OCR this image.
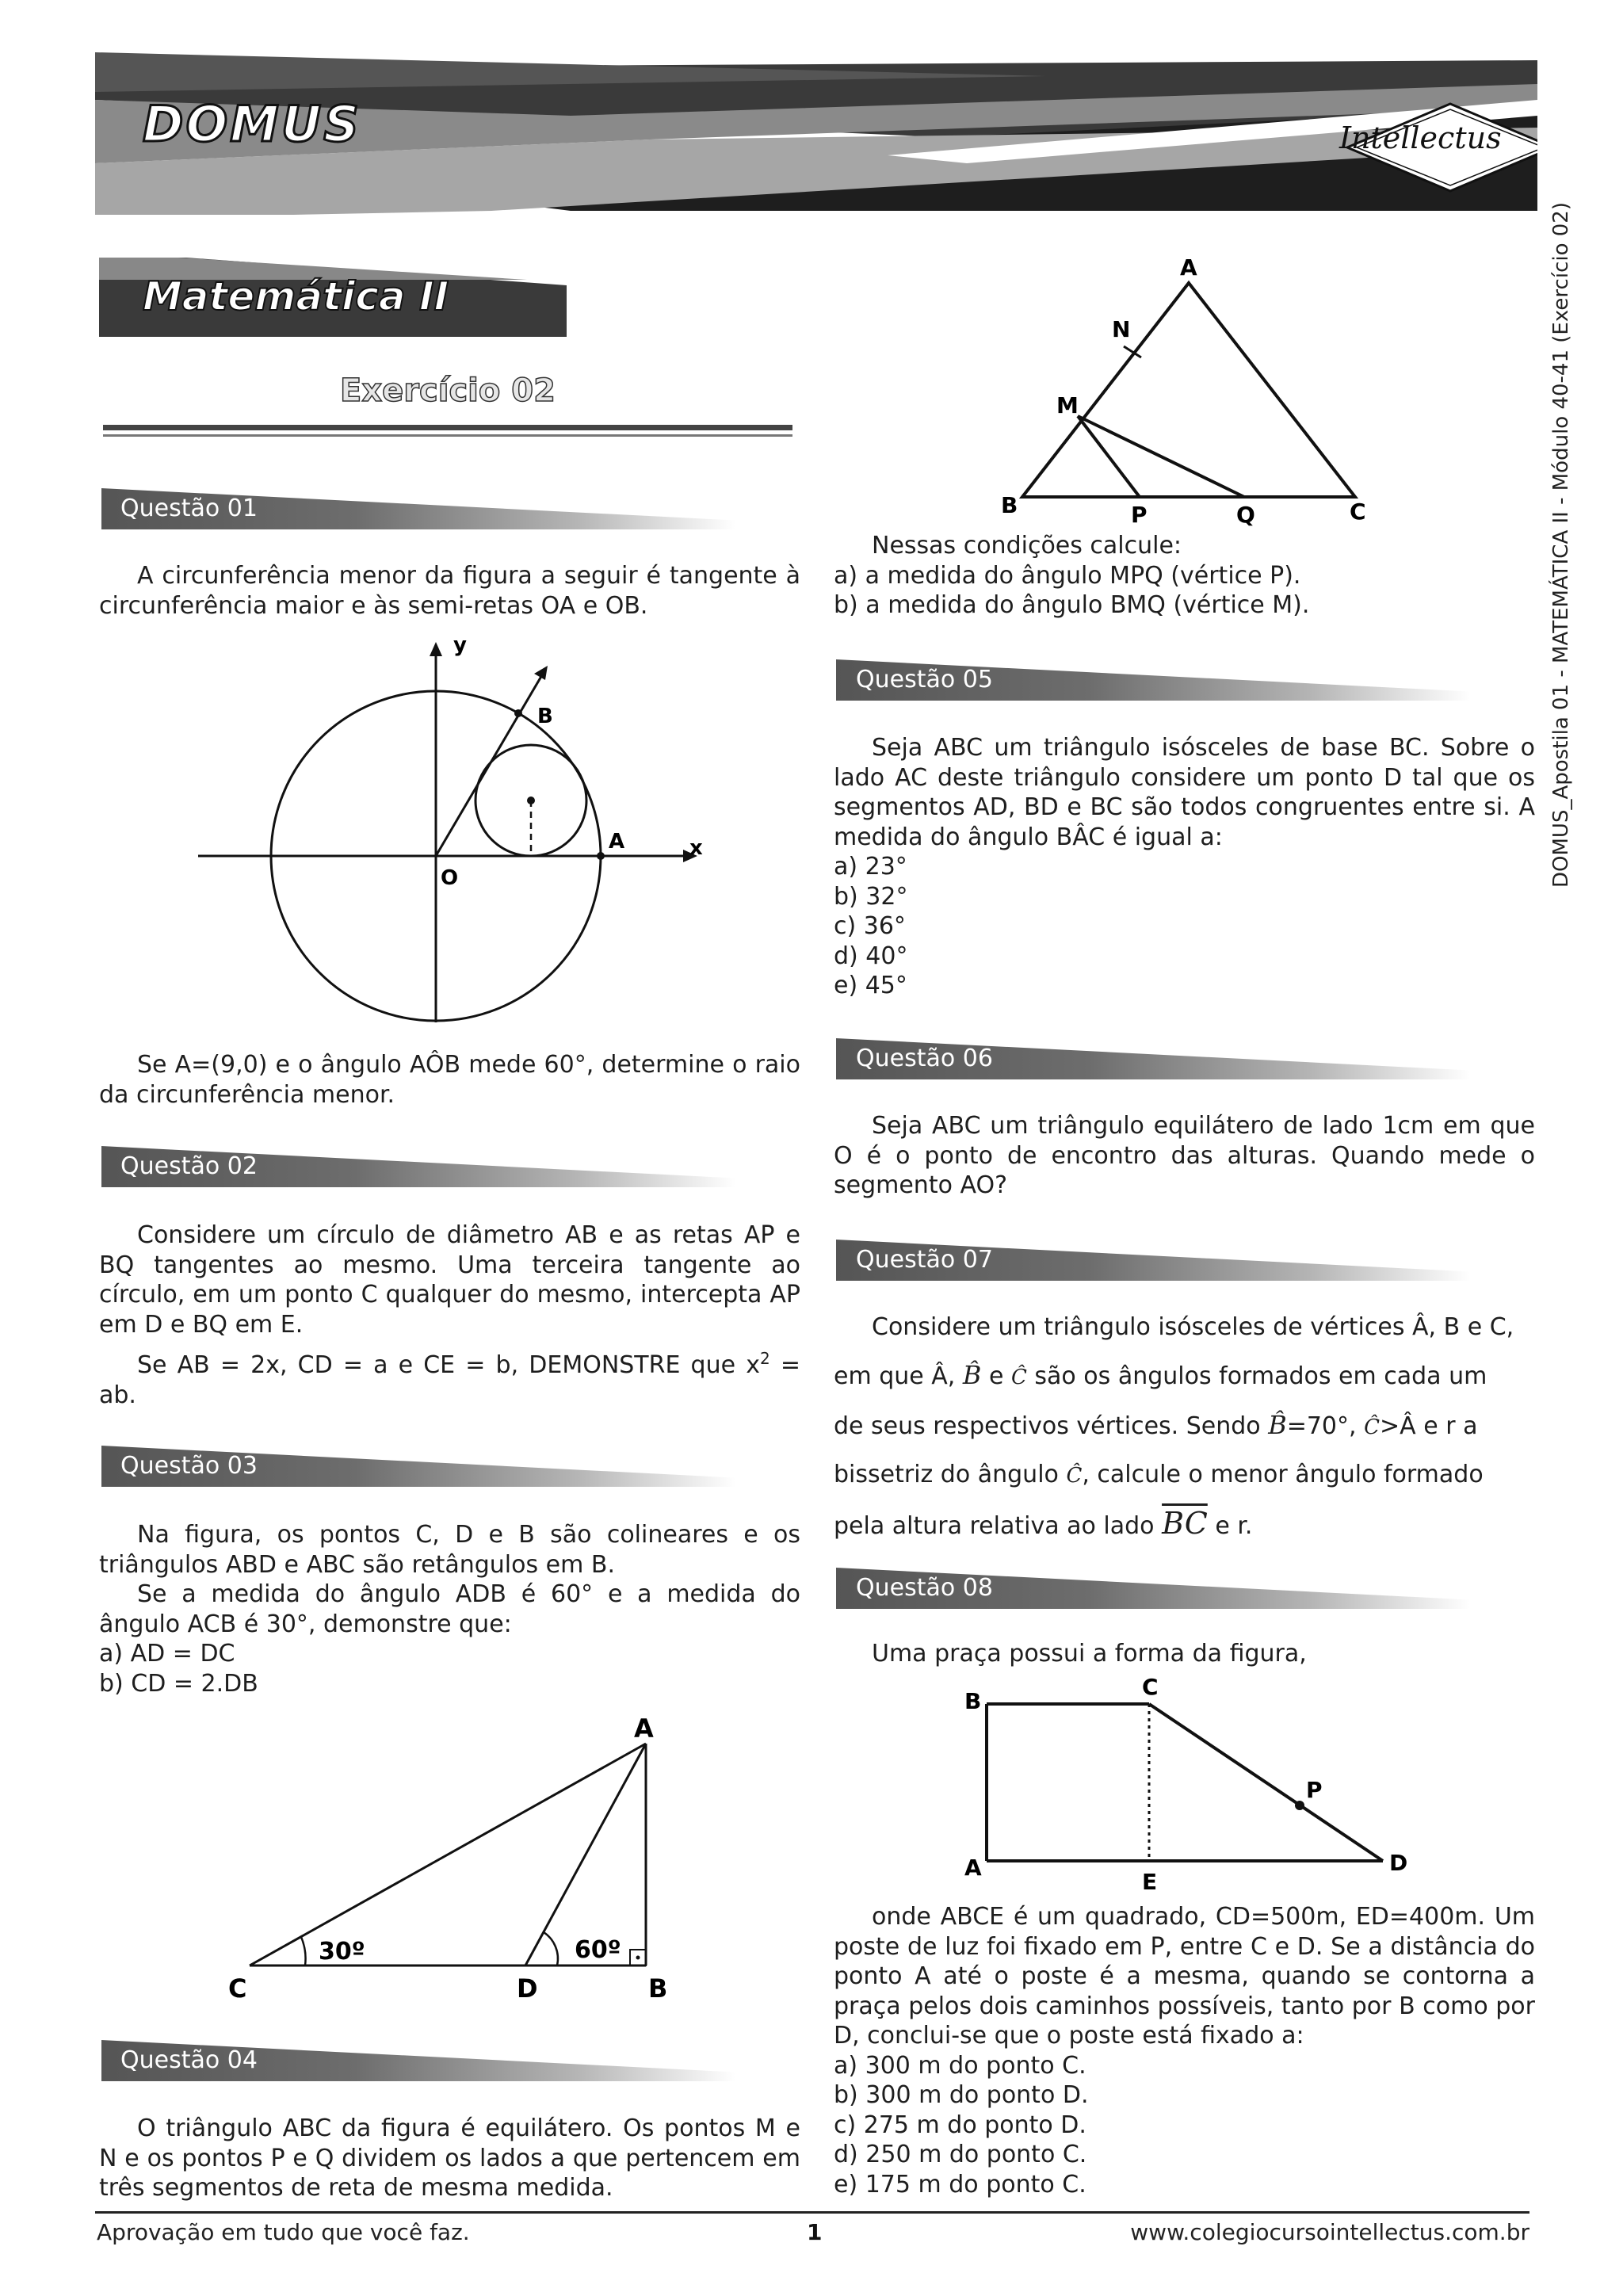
DOMUS	Intellectus
DOMUS_Apostila 01 - MATEMÁTICA II - Módulo 40-41 (Exercício 02)
Matemática II
Exercício 02
Questão 01

A circunferência menor da figura a seguir é tangente à circunferência maior e às semi-retas OA e OB.

y
x
B
A
O

Se A=(9,0) e o ângulo AÔB mede 60°, determine o raio da circunferência menor.

Questão 02

Considere um círculo de diâmetro AB e as retas AP e BQ tangentes ao mesmo. Uma terceira tangente ao círculo, em um ponto C qualquer do mesmo, intercepta AP em D e BQ em E.

Se AB = 2x, CD = a e CE = b, DEMONSTRE que $x^2$ = ab.

Questão 03

Na figura, os pontos C, D e B são colineares e os triângulos ABD e ABC são retângulos em B.

Se a medida do ângulo ADB é 60° e a medida do ângulo ACB é 30°, demonstre que:

a) AD = DC

b) CD = 2.DB

A
C	D	B
30º	60º
Questão 04

O triângulo ABC da figura é equilátero. Os pontos M e N e os pontos P e Q dividem os lados a que pertencem em três segmentos de reta de mesma medida.

A
N
M
B	P	Q	C

Nessas condições calcule:

a) a medida do ângulo MPQ (vértice P).

b) a medida do ângulo BMQ (vértice M).

Questão 05

Seja ABC um triângulo isósceles de base BC. Sobre o lado AC deste triângulo considere um ponto D tal que os segmentos AD, BD e BC são todos congruentes entre si. A medida do ângulo BÂC é igual a:

a) 23°

b) 32°

c) 36°

d) 40°

e) 45°

Questão 06

Seja ABC um triângulo equilátero de lado 1cm em que O é o ponto de encontro das alturas. Quando mede o segmento AO?

Questão 07

Considere um triângulo isósceles de vértices Â, B e C,

em que Â, B̂ e Ĉ são os ângulos formados em cada um

de seus respectivos vértices. Sendo B̂=70°, Ĉ>Â e r a

bissetriz do ângulo Ĉ, calcule o menor ângulo formado

pela altura relativa ao lado $\overline{BC}$ e r.

Questão 08

Uma praça possui a forma da figura,

B
C
P
A
E
D

onde ABCE é um quadrado, CD=500m, ED=400m. Um poste de luz foi fixado em P, entre C e D. Se a distância do ponto A até o poste é a mesma, quando se contorna a praça pelos dois caminhos possíveis, tanto por B como por D, conclui-se que o poste está fixado a:

a) 300 m do ponto C.

b) 300 m do ponto D.

c) 275 m do ponto D.

d) 250 m do ponto C.

e) 175 m do ponto C.

Aprovação em tudo que você faz.	1	www.colegiocursointellectus.com.br
